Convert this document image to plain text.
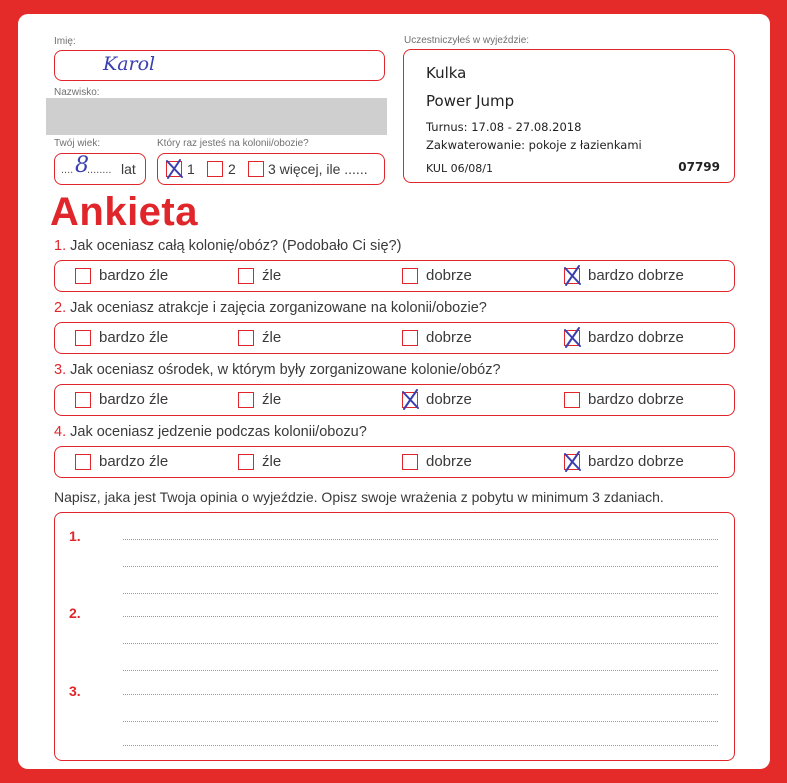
Imię:
Karol
Nazwisko:
Twój wiek:
.... 8
........ lat
Który raz jesteś na kolonii/obozie?
1 2 3 więcej, ile ......
Uczestniczyłeś w wyjeździe:
Kulka
Power Jump
Turnus: 17.08 - 27.08.2018
Zakwaterowanie: pokoje z łazienkami
KUL 06/08/1	07799
Ankieta
1. Jak oceniasz całą kolonię/obóz? (Podobało Ci się?)
bardzo źle	źle	dobrze	bardzo dobrze
2. Jak oceniasz atrakcje i zajęcia zorganizowane na kolonii/obozie?
bardzo źle	źle	dobrze	bardzo dobrze
3. Jak oceniasz ośrodek, w którym były zorganizowane kolonie/obóz?
bardzo źle	źle	dobrze	bardzo dobrze
4. Jak oceniasz jedzenie podczas kolonii/obozu?
bardzo źle	źle	dobrze	bardzo dobrze
Napisz, jaka jest Twoja opinia o wyjeździe. Opisz swoje wrażenia z pobytu w minimum 3 zdaniach.
1.
2.
3.
